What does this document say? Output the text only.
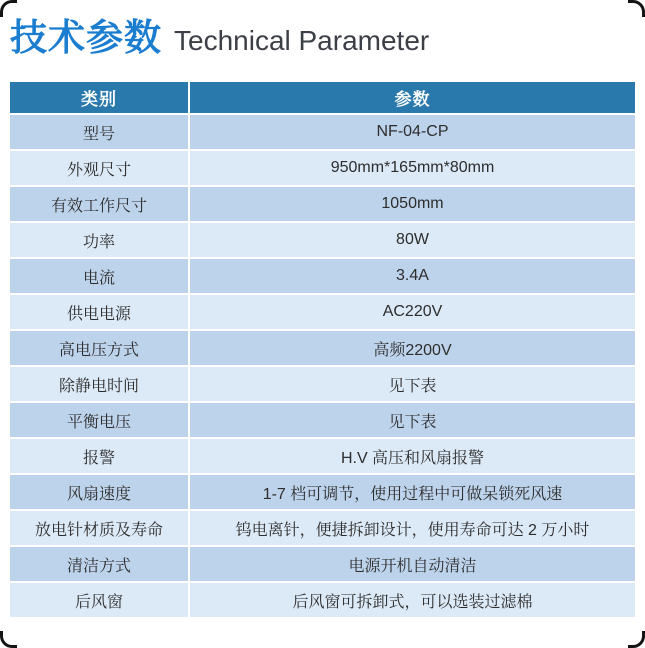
技术参数 Technical Parameter
类别	参数
型号	NF-04-CP
外观尺寸	950mm*165mm*80mm
有效工作尺寸	1050mm
功率	80W
电流	3.4A
供电电源	AC220V
高电压方式	高频2200V
除静电时间	见下表
平衡电压	见下表
报警	H.V 高压和风扇报警
风扇速度	1-7 档可调节，使用过程中可做呆锁死风速
放电针材质及寿命	钨电离针，便捷拆卸设计，使用寿命可达 2 万小时
清洁方式	电源开机自动清洁
后风窗	后风窗可拆卸式，可以选装过滤棉
